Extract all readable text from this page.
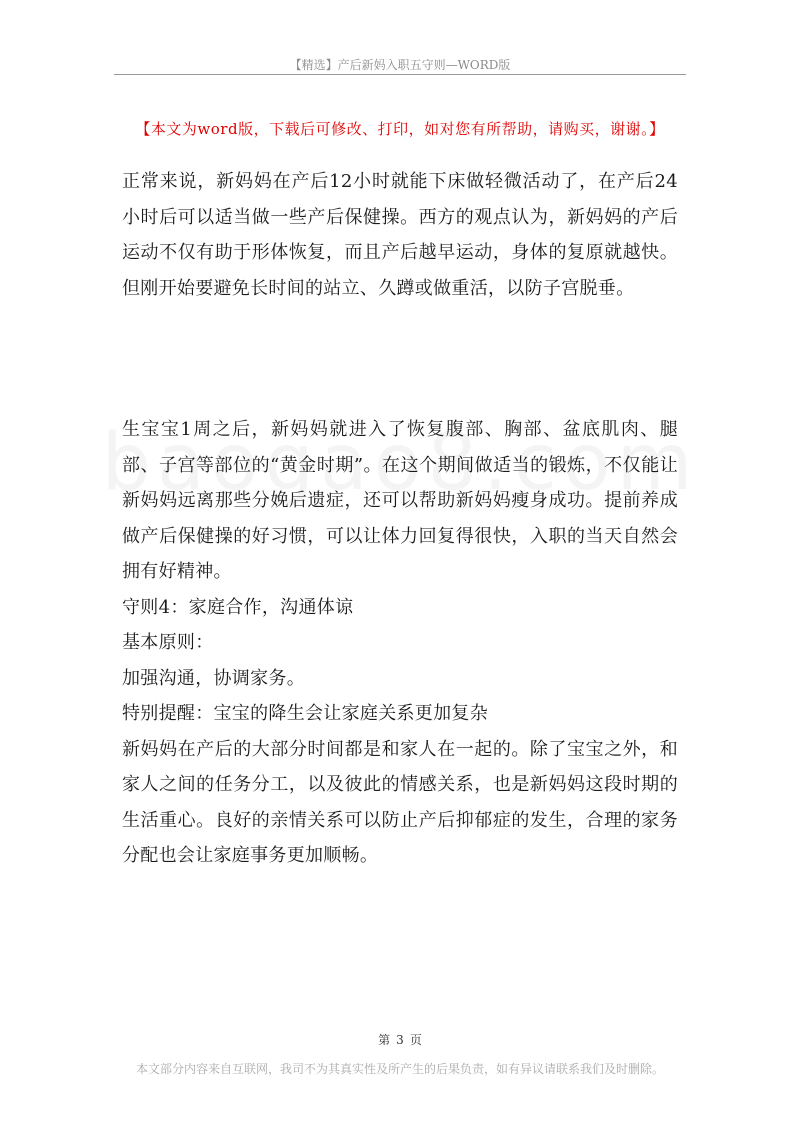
【精选】产后新妈入职五守则—WORD版
【本文为word版，下载后可修改、打印，如对您有所帮助，请购买，谢谢。】

正常来说，新妈妈在产后12小时就能下床做轻微活动了，在产后24小时后可以适当做一些产后保健操。西方的观点认为，新妈妈的产后运动不仅有助于形体恢复，而且产后越早运动，身体的复原就越快。但刚开始要避免长时间的站立、久蹲或做重活，以防子宫脱垂。

生宝宝1周之后，新妈妈就进入了恢复腹部、胸部、盆底肌肉、腿部、子宫等部位的“黄金时期”。在这个期间做适当的锻炼，不仅能让新妈妈远离那些分娩后遗症，还可以帮助新妈妈瘦身成功。提前养成做产后保健操的好习惯，可以让体力回复得很快，入职的当天自然会拥有好精神。

守则4：家庭合作，沟通体谅

基本原则：

加强沟通，协调家务。

特别提醒：宝宝的降生会让家庭关系更加复杂

新妈妈在产后的大部分时间都是和家人在一起的。除了宝宝之外，和家人之间的任务分工，以及彼此的情感关系，也是新妈妈这段时期的生活重心。良好的亲情关系可以防止产后抑郁症的发生，合理的家务分配也会让家庭事务更加顺畅。

第 3 页
本文部分内容来自互联网，我司不为其真实性及所产生的后果负责，如有异议请联系我们及时删除。
